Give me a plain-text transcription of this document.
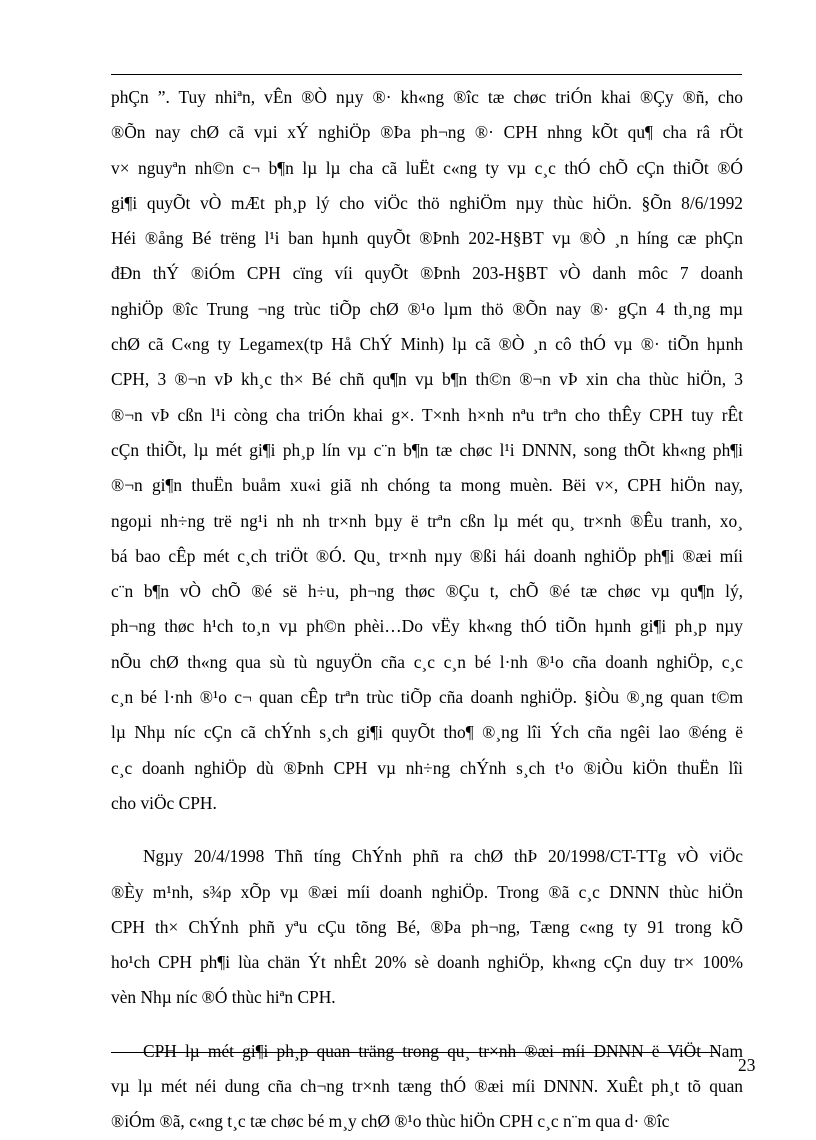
phÇn ”. Tuy nhiªn, vÊn ®Ò nµy ®· kh«ng ®îc tæ chøc triÓn khai ®Çy ®ñ, cho
®Õn nay chØ cã vµi xÝ nghiÖp ®Þa ph¬ng ®· CPH nhng kÕt qu¶ cha râ rÖt
v× nguyªn nh©n c¬ b¶n lµ lµ cha cã luËt c«ng ty vµ c¸c thÓ chÕ cÇn thiÕt ®Ó
gi¶i quyÕt vÒ mÆt ph¸p lý cho viÖc thö nghiÖm nµy thùc hiÖn. §Õn 8/6/1992
Héi ®ång Bé trëng l¹i ban hµnh quyÕt ®Þnh 202-H§BT vµ ®Ò ¸n híng cæ phÇn
đÐn thÝ ®iÓm CPH cïng víi quyÕt ®Þnh 203-H§BT vÒ danh môc 7 doanh
nghiÖp ®îc Trung ¬ng trùc tiÕp chØ ®¹o lµm thö ®Õn nay ®· gÇn 4 th¸ng mµ
chØ cã C«ng ty Legamex(tp Hå ChÝ Minh) lµ cã ®Ò ¸n cô thÓ vµ ®· tiÕn hµnh
CPH, 3 ®¬n vÞ kh¸c th× Bé chñ qu¶n vµ b¶n th©n ®¬n vÞ xin cha thùc hiÖn, 3
®¬n vÞ cßn l¹i còng cha triÓn khai g×. T×nh h×nh nªu trªn cho thÊy CPH tuy rÊt
cÇn thiÕt, lµ mét gi¶i ph¸p lín vµ c¨n b¶n tæ chøc l¹i DNNN, song thÕt kh«ng ph¶i
®¬n gi¶n thuËn buåm xu«i giã nh chóng ta mong muèn. Bëi v×, CPH hiÖn nay,
ngoµi nh÷ng trë ng¹i nh nh tr×nh bµy ë trªn cßn lµ mét qu¸ tr×nh ®Êu tranh, xo¸
bá bao cÊp mét c¸ch triÖt ®Ó. Qu¸ tr×nh nµy ®ßi hái doanh nghiÖp ph¶i ®æi míi
c¨n b¶n vÒ chÕ ®é së h÷u, ph¬ng thøc ®Çu t, chÕ ®é tæ chøc vµ qu¶n lý,
ph¬ng thøc h¹ch to¸n vµ ph©n phèi…Do vËy kh«ng thÓ tiÕn hµnh gi¶i ph¸p nµy
nÕu chØ th«ng qua sù tù nguyÖn cña c¸c c¸n bé l·nh ®¹o cña doanh nghiÖp, c¸c
c¸n bé l·nh ®¹o c¬ quan cÊp trªn trùc tiÕp cña doanh nghiÖp. §iÒu ®¸ng quan t©m
lµ Nhµ níc cÇn cã chÝnh s¸ch gi¶i quyÕt tho¶ ®¸ng lîi Ých cña ngêi lao ®éng ë
c¸c doanh nghiÖp dù ®Þnh CPH vµ nh÷ng chÝnh s¸ch t¹o ®iÒu kiÖn thuËn lîi
cho viÖc CPH.
Ngµy 20/4/1998 Thñ tíng ChÝnh phñ ra chØ thÞ 20/1998/CT-TTg vÒ viÖc
®Èy m¹nh, s¾p xÕp vµ ®æi míi doanh nghiÖp. Trong ®ã c¸c DNNN thùc hiÖn
CPH th× ChÝnh phñ yªu cÇu tõng Bé, ®Þa ph¬ng, Tæng c«ng ty 91 trong kÕ
ho¹ch CPH ph¶i lùa chän Ýt nhÊt 20% sè doanh nghiÖp, kh«ng cÇn duy tr× 100%
vèn Nhµ níc ®Ó thùc hiªn CPH.
CPH lµ mét gi¶i ph¸p quan träng trong qu¸ tr×nh ®æi míi DNNN ë ViÖt Nam
vµ lµ mét néi dung cña ch¬ng tr×nh tæng thÓ ®æi míi DNNN. XuÊt ph¸t tõ quan
®iÓm ®ã, c«ng t¸c tæ chøc bé m¸y chØ ®¹o thùc hiÖn CPH c¸c n¨m qua d· ®îc
23
